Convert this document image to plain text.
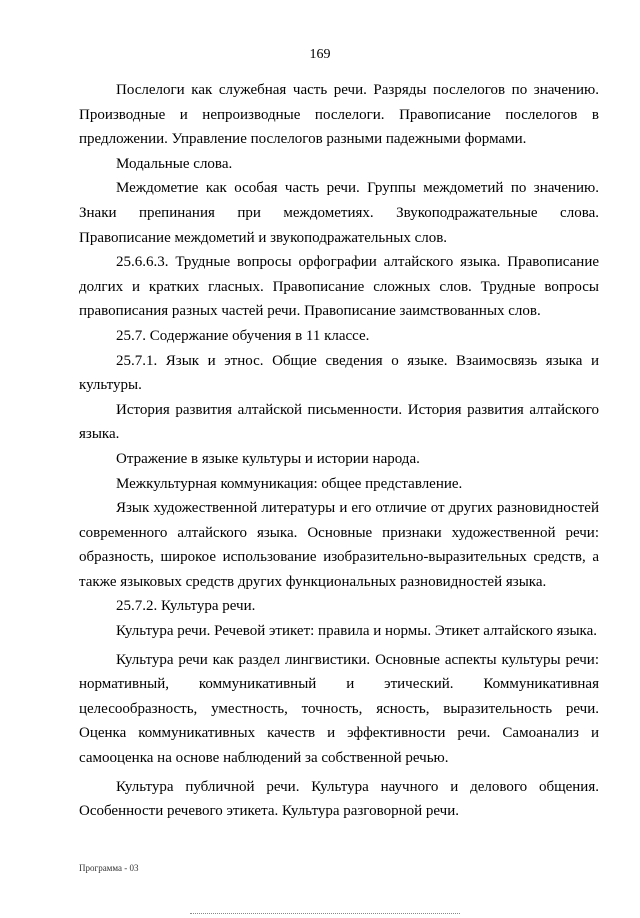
169

Послелоги как служебная часть речи. Разряды послелогов по значению. Производные и непроизводные послелоги. Правописание послелогов в предложении. Управление послелогов разными падежными формами.

Модальные слова.

Междометие как особая часть речи. Группы междометий по значению. Знаки препинания при междометиях. Звукоподражательные слова. Правописание междометий и звукоподражательных слов.

25.6.6.3. Трудные вопросы орфографии алтайского языка. Правописание долгих и кратких гласных. Правописание сложных слов. Трудные вопросы правописания разных частей речи. Правописание заимствованных слов.

25.7. Содержание обучения в 11 классе.

25.7.1. Язык и этнос. Общие сведения о языке. Взаимосвязь языка и культуры.

История развития алтайской письменности. История развития алтайского языка.

Отражение в языке культуры и истории народа.

Межкультурная коммуникация: общее представление.

Язык художественной литературы и его отличие от других разновидностей современного алтайского языка. Основные признаки художественной речи: образность, широкое использование изобразительно-выразительных средств, а также языковых средств других функциональных разновидностей языка.

25.7.2. Культура речи.

Культура речи. Речевой этикет: правила и нормы. Этикет алтайского языка.

Культура речи как раздел лингвистики. Основные аспекты культуры речи: нормативный, коммуникативный и этический. Коммуникативная целесообразность, уместность, точность, ясность, выразительность речи. Оценка коммуникативных качеств и эффективности речи. Самоанализ и самооценка на основе наблюдений за собственной речью.

Культура публичной речи. Культура научного и делового общения. Особенности речевого этикета. Культура разговорной речи.

Программа - 03
